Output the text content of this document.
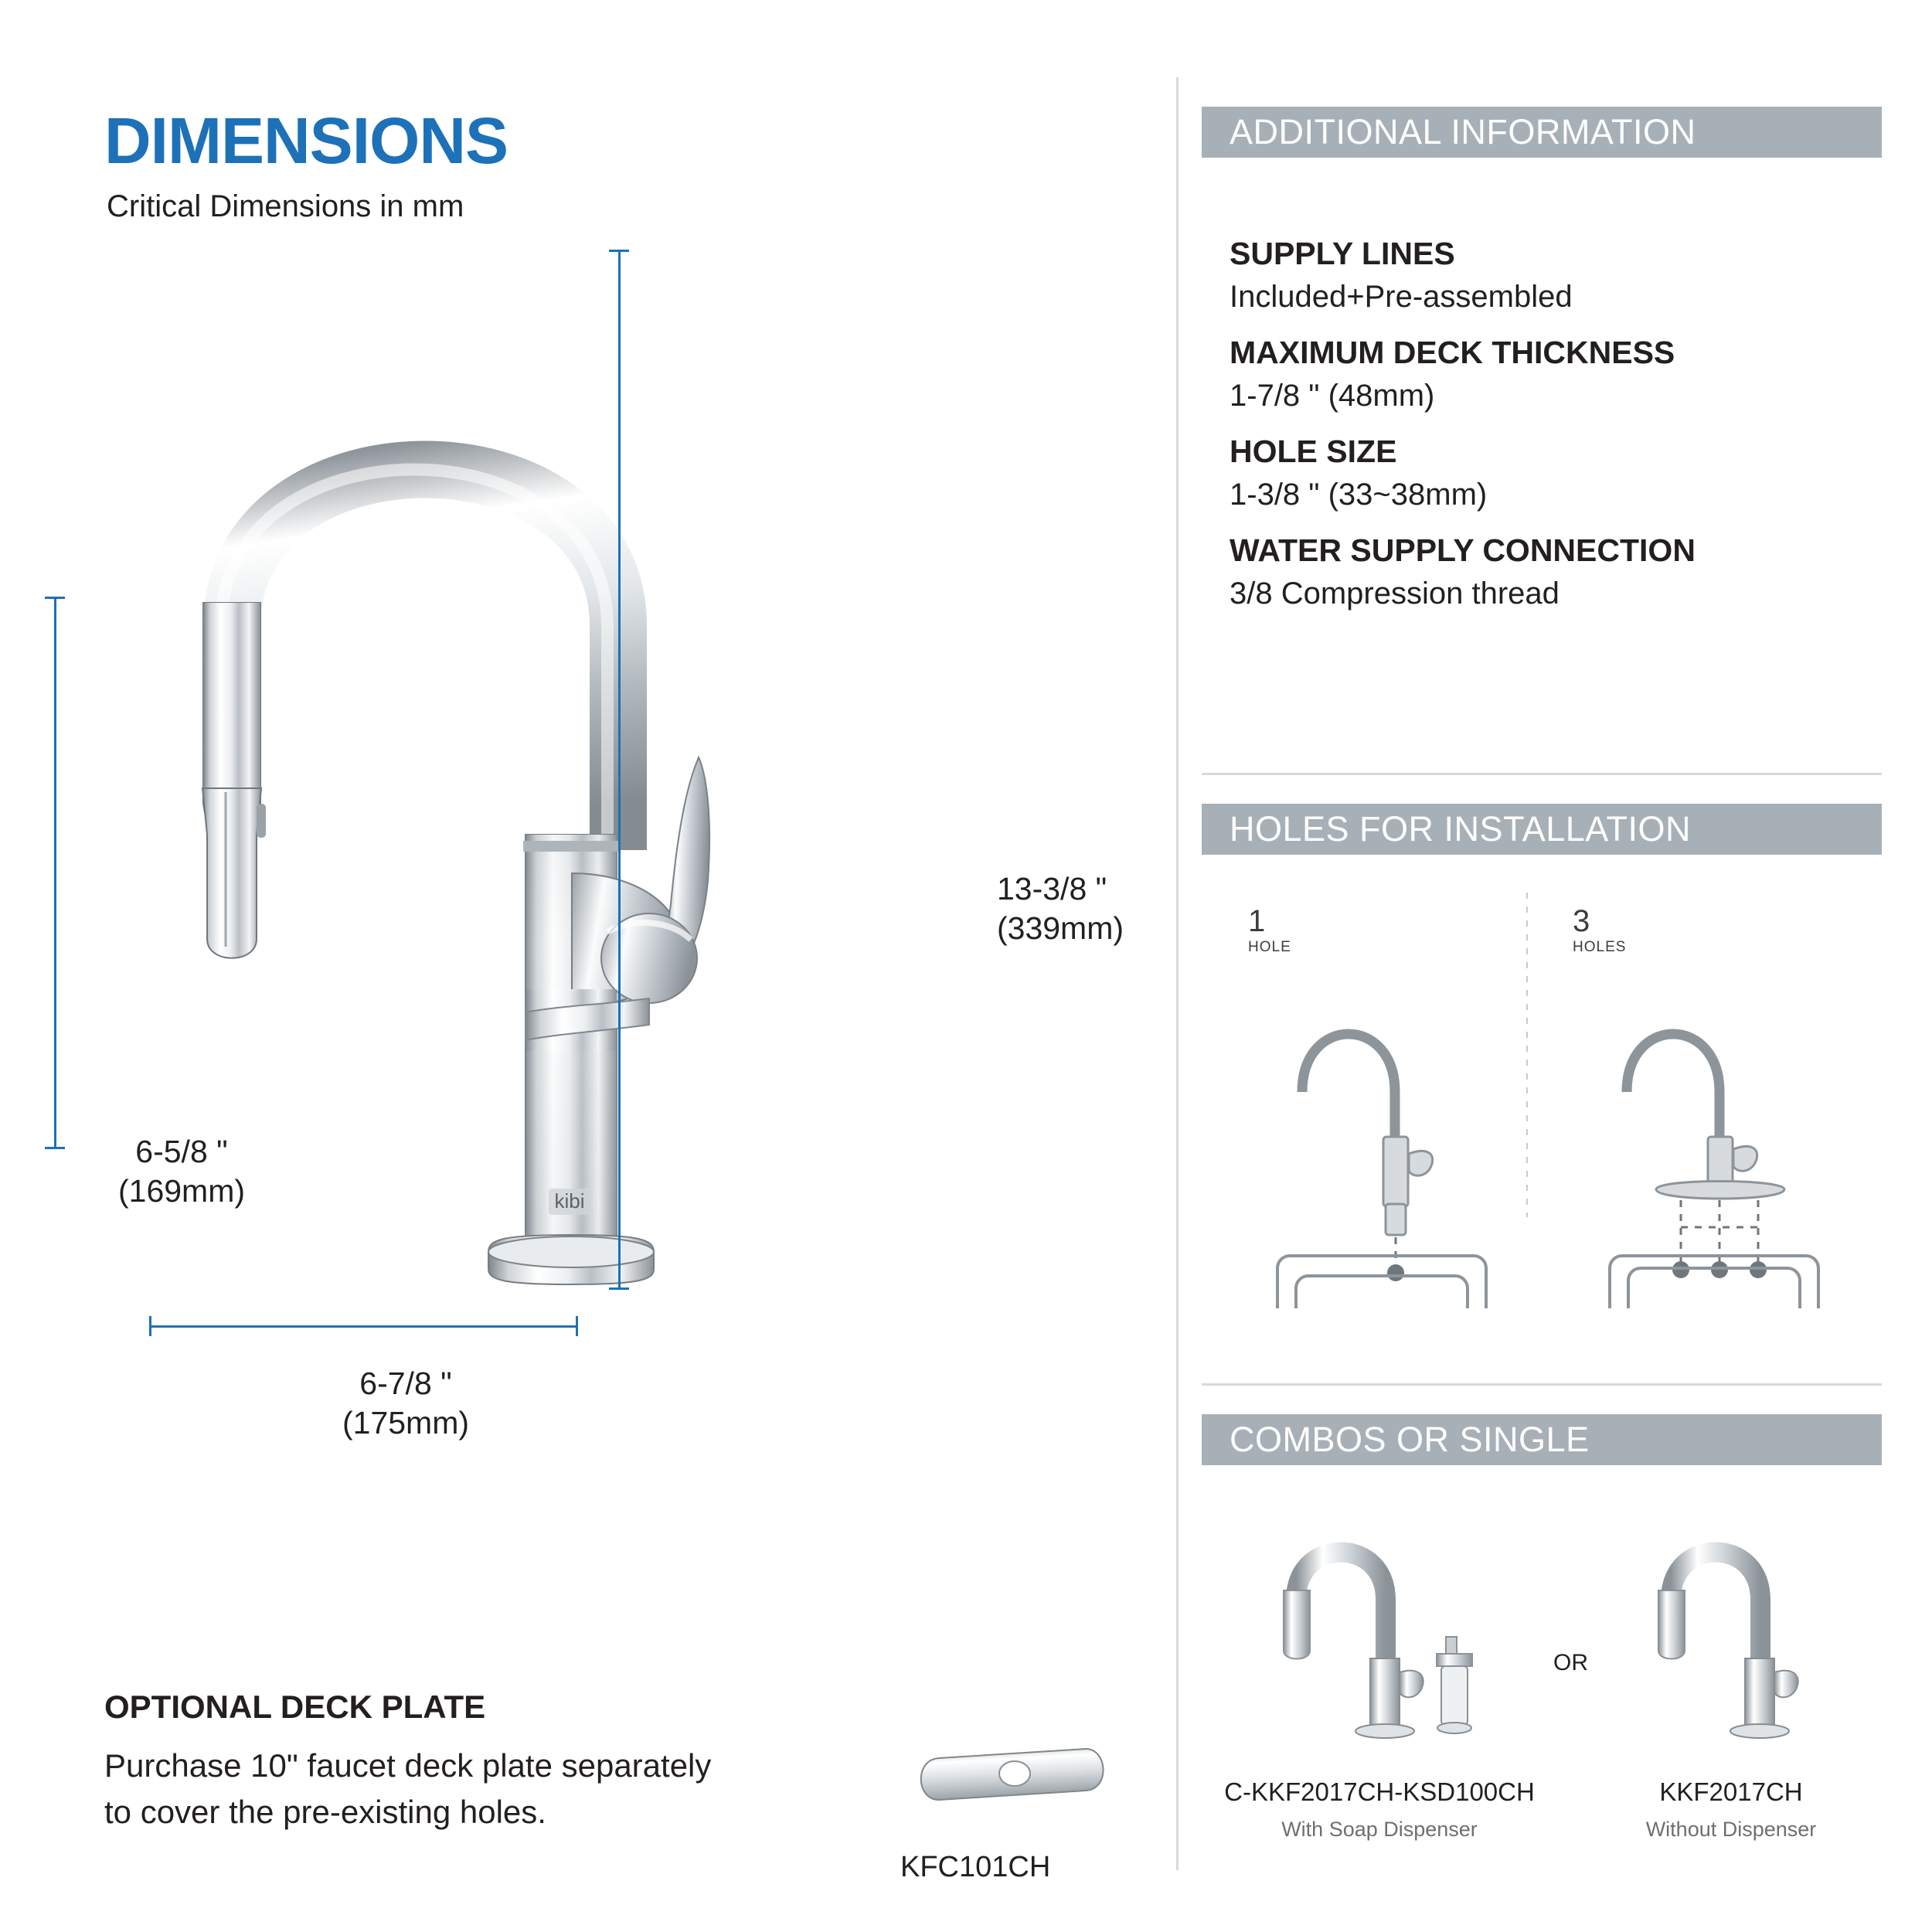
DIMENSIONS
Critical Dimensions in mm
kibi
13-3/8 "
(339mm)
6-5/8 "
(169mm)
6-7/8 "
(175mm)
OPTIONAL DECK PLATE
Purchase 10" faucet deck plate separately
to cover the pre-existing holes.
KFC101CH
ADDITIONAL INFORMATION
SUPPLY LINES
Included+Pre-assembled
MAXIMUM DECK THICKNESS
1-7/8 " (48mm)
HOLE SIZE
1-3/8 " (33~38mm)
WATER SUPPLY CONNECTION
3/8 Compression thread
HOLES FOR INSTALLATION
1
HOLE
3
HOLES
COMBOS OR SINGLE
C-KKF2017CH-KSD100CH
With Soap Dispenser
OR
KKF2017CH
Without Dispenser
